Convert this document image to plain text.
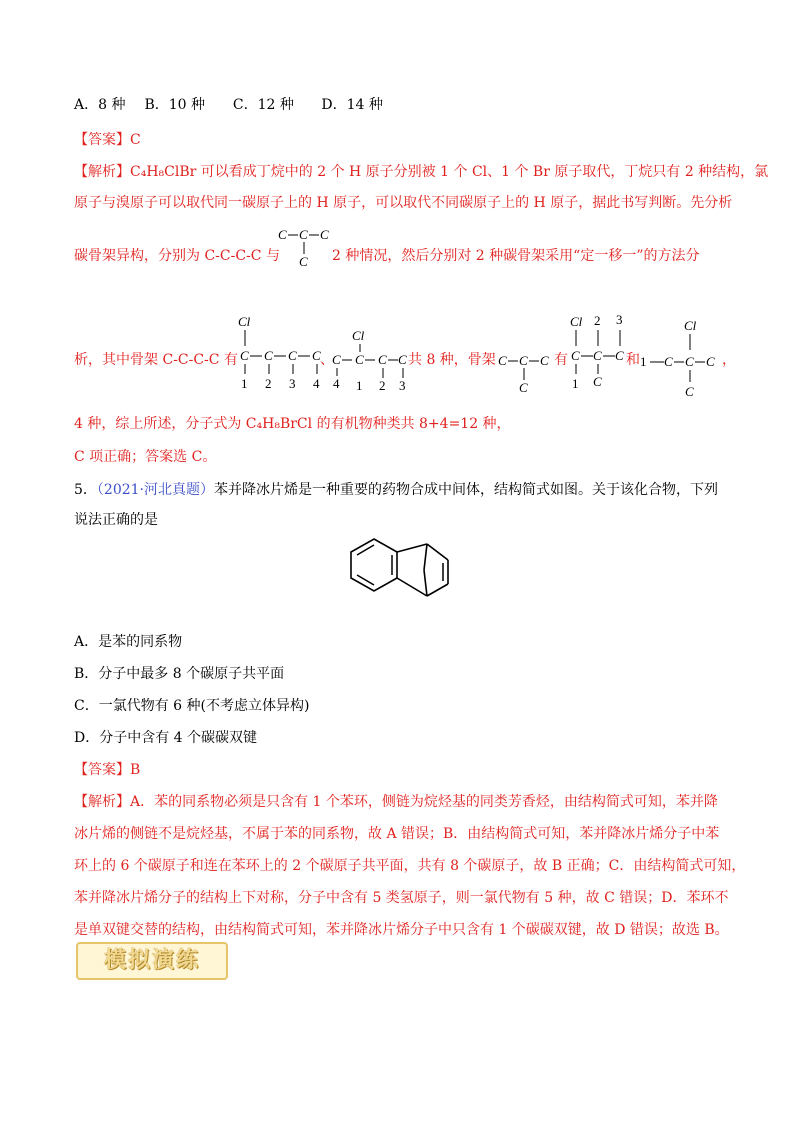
A．8 种 B．10 种 C．12 种 D．14 种
【答案】C
【解析】C₄H₈ClBr 可以看成丁烷中的 2 个 H 原子分别被 1 个 Cl、1 个 Br 原子取代，丁烷只有 2 种结构，氯
原子与溴原子可以取代同一碳原子上的 H 原子，可以取代不同碳原子上的 H 原子，据此书写判断。先分析
碳骨架异构，分别为 C-C-C-C 与	2 种情况，然后分别对 2 种碳骨架采用“定一移一”的方法分
C C C
C
析，其中骨架 C-C-C-C 有
Cl
C C C C
1 2 3 4
、
Cl
C C C C
4 1 2 3
共 8 种，骨架 C C C
C
有
Cl 2 3
C C C
1 C
和 1
Cl
C C C
C
，
4 种，综上所述，分子式为 C₄H₈BrCl 的有机物种类共 8+4=12 种，
C 项正确；答案选 C。
5．（2021·河北真题）苯并降冰片烯是一种重要的药物合成中间体，结构简式如图。关于该化合物，下列
说法正确的是
A．是苯的同系物
B．分子中最多 8 个碳原子共平面
C．一氯代物有 6 种(不考虑立体异构)
D．分子中含有 4 个碳碳双键
【答案】B
【解析】A．苯的同系物必须是只含有 1 个苯环，侧链为烷烃基的同类芳香烃，由结构简式可知，苯并降
冰片烯的侧链不是烷烃基，不属于苯的同系物，故 A 错误；B．由结构简式可知，苯并降冰片烯分子中苯
环上的 6 个碳原子和连在苯环上的 2 个碳原子共平面，共有 8 个碳原子，故 B 正确；C．由结构简式可知，
苯并降冰片烯分子的结构上下对称，分子中含有 5 类氢原子，则一氯代物有 5 种，故 C 错误；D．苯环不
是单双键交替的结构，由结构简式可知，苯并降冰片烯分子中只含有 1 个碳碳双键，故 D 错误；故选 B。
模拟演练
